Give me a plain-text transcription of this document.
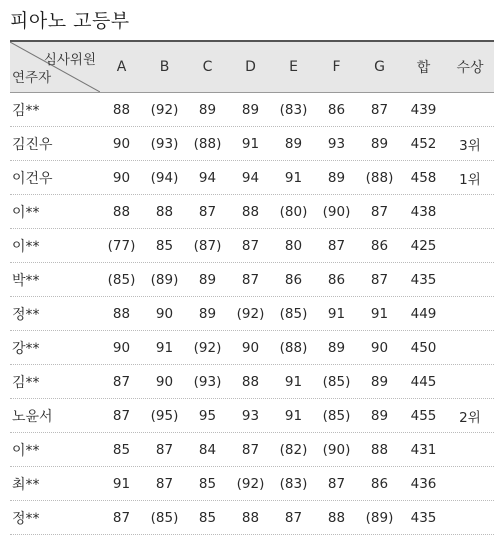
피아노 고등부
심사위원
연주자
A	B	C	D	E	F	G	합	수상
김**	88	(92)	89	89	(83)	86	87	439
김진우	90	(93)	(88)	91	89	93	89	452	3위
이건우	90	(94)	94	94	91	89	(88)	458	1위
이**	88	88	87	88	(80)	(90)	87	438
이**	(77)	85	(87)	87	80	87	86	425
박**	(85)	(89)	89	87	86	86	87	435
정**	88	90	89	(92)	(85)	91	91	449
강**	90	91	(92)	90	(88)	89	90	450
김**	87	90	(93)	88	91	(85)	89	445
노윤서	87	(95)	95	93	91	(85)	89	455	2위
이**	85	87	84	87	(82)	(90)	88	431
최**	91	87	85	(92)	(83)	87	86	436
정**	87	(85)	85	88	87	88	(89)	435
